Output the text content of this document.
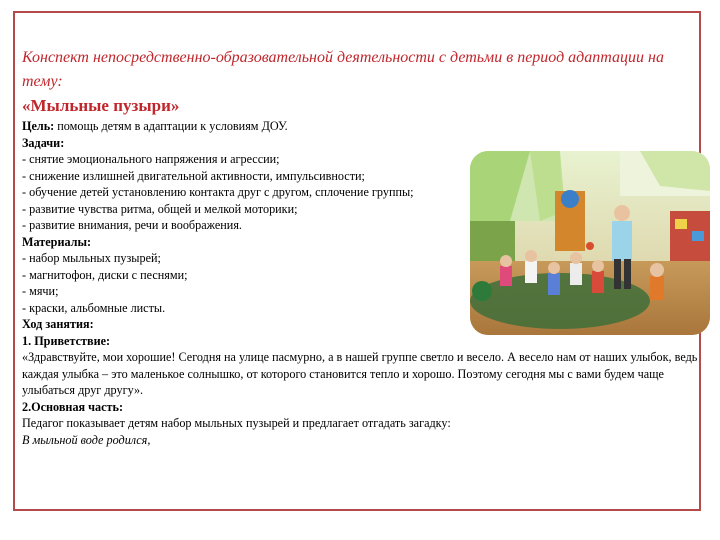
Конспект непосредственно-образовательной деятельности с детьми в период адаптации на тему:

«Мыльные пузыри»

Цель: помощь детям в адаптации к условиям ДОУ.
Задачи:
- снятие эмоционального напряжения и агрессии;
- снижение излишней двигательной активности, импульсивности;
- обучение детей установлению контакта друг с другом, сплочение группы;
- развитие чувства ритма, общей и мелкой моторики;
- развитие внимания, речи и воображения.
Материалы:
- набор мыльных пузырей;
- магнитофон, диски с песнями;
- мячи;
- краски, альбомные листы.
Ход занятия:
1. Приветствие:
«Здравствуйте, мои хорошие! Сегодня на улице пасмурно, а в нашей группе светло и весело. А весело нам от наших улыбок, ведь каждая улыбка – это маленькое солнышко, от которого становится тепло и хорошо. Поэтому сегодня мы с вами будем чаще улыбаться друг другу».
2.Основная часть:
Педагог показывает детям набор мыльных пузырей и предлагает отгадать загадку:
В мыльной воде родился,
